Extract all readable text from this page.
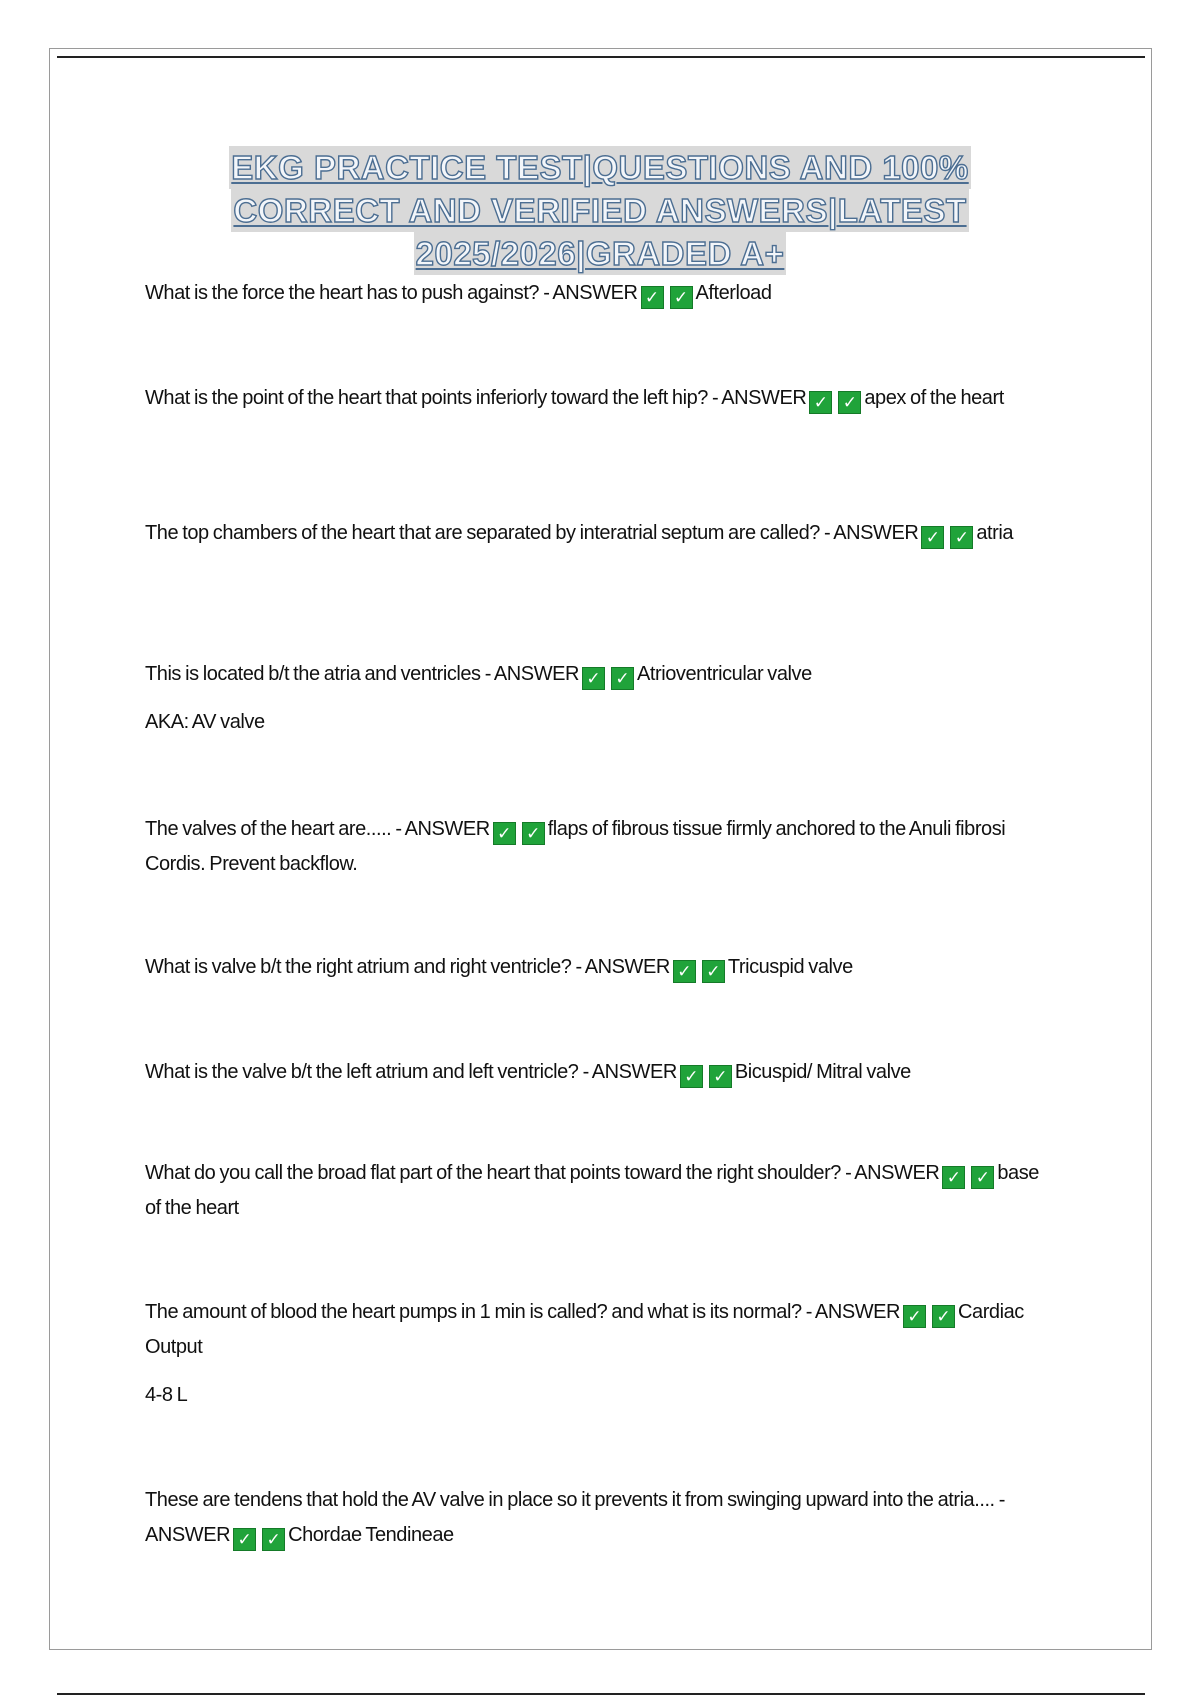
EKG PRACTICE TEST|QUESTIONS AND 100%
CORRECT AND VERIFIED ANSWERS|LATEST
2025/2026|GRADED A+
What is the force the heart has to push against? - ANSWER ✓ ✓ Afterload
What is the point of the heart that points inferiorly toward the left hip? - ANSWER ✓ ✓ apex of the heart
The top chambers of the heart that are separated by interatrial septum are called? - ANSWER ✓ ✓ atria
This is located b/t the atria and ventricles - ANSWER ✓ ✓ Atrioventricular valve
AKA: AV valve
The valves of the heart are..... - ANSWER ✓ ✓ flaps of fibrous tissue firmly anchored to the Anuli fibrosi Cordis. Prevent backflow.
What is valve b/t the right atrium and right ventricle? - ANSWER ✓ ✓ Tricuspid valve
What is the valve b/t the left atrium and left ventricle? - ANSWER ✓ ✓ Bicuspid/ Mitral valve
What do you call the broad flat part of the heart that points toward the right shoulder? - ANSWER ✓ ✓ base of the heart
The amount of blood the heart pumps in 1 min is called? and what is its normal? - ANSWER ✓ ✓ Cardiac Output
4-8 L
These are tendens that hold the AV valve in place so it prevents it from swinging upward into the atria.... - ANSWER ✓ ✓ Chordae Tendineae
